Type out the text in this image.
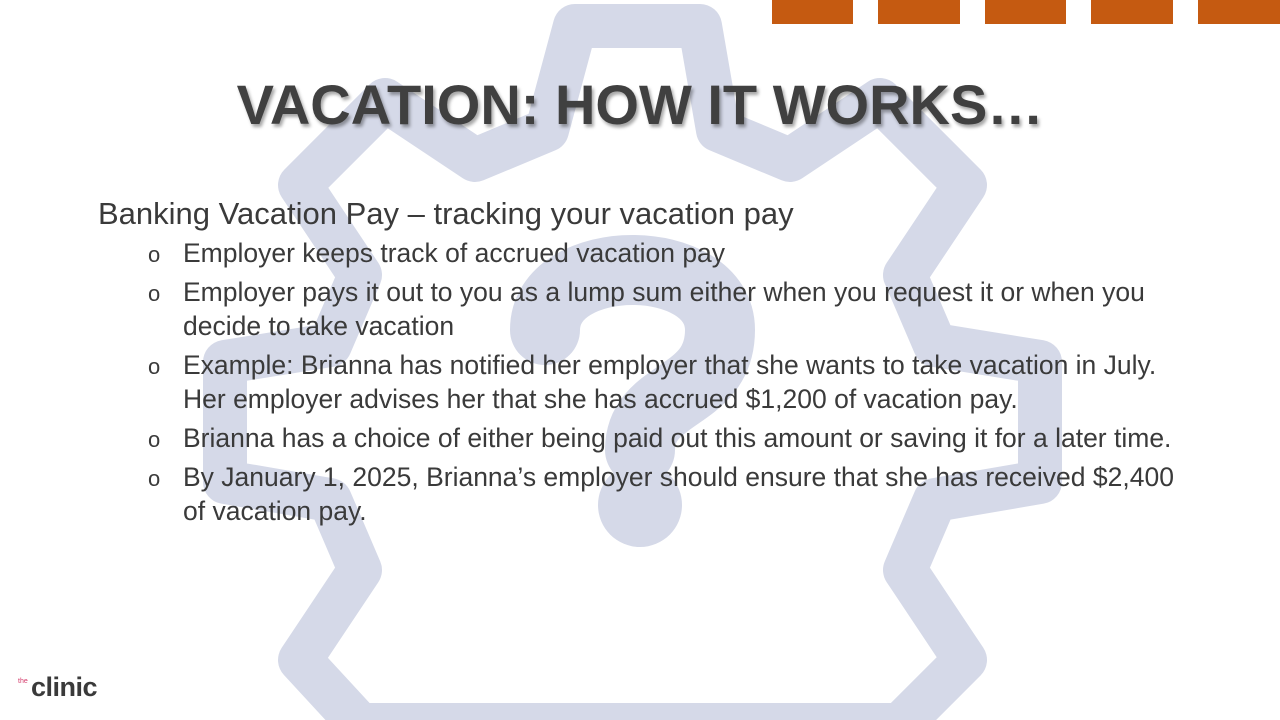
VACATION: HOW IT WORKS…

Banking Vacation Pay – tracking your vacation pay

o Employer keeps track of accrued vacation pay
o Employer pays it out to you as a lump sum either when you request it or when you decide to take vacation
o Example: Brianna has notified her employer that she wants to take vacation in July. Her employer advises her that she has accrued $1,200 of vacation pay.
o Brianna has a choice of either being paid out this amount or saving it for a later time.
o By January 1, 2025, Brianna’s employer should ensure that she has received $2,400 of vacation pay.
the clinic
